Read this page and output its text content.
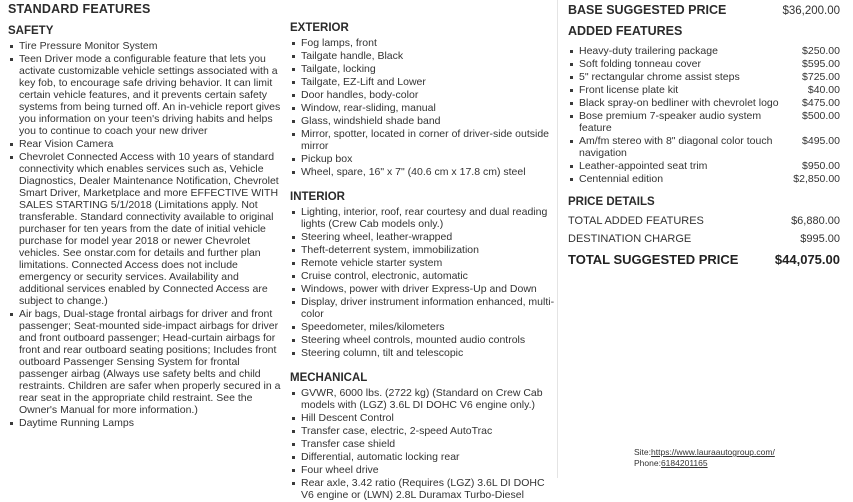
STANDARD FEATURES
SAFETY
Tire Pressure Monitor System
Teen Driver mode a configurable feature that lets you activate customizable vehicle settings associated with a key fob, to encourage safe driving behavior. It can limit certain vehicle features, and it prevents certain safety systems from being turned off. An in-vehicle report gives you information on your teen's driving habits and helps you to continue to coach your new driver
Rear Vision Camera
Chevrolet Connected Access with 10 years of standard connectivity which enables services such as, Vehicle Diagnostics, Dealer Maintenance Notification, Chevrolet Smart Driver, Marketplace and more EFFECTIVE WITH SALES STARTING 5/1/2018 (Limitations apply. Not transferable. Standard connectivity available to original purchaser for ten years from the date of initial vehicle purchase for model year 2018 or newer Chevrolet vehicles. See onstar.com for details and further plan limitations. Connected Access does not include emergency or security services. Availability and additional services enabled by Connected Access are subject to change.)
Air bags, Dual-stage frontal airbags for driver and front passenger; Seat-mounted side-impact airbags for driver and front outboard passenger; Head-curtain airbags for front and rear outboard seating positions; Includes front outboard Passenger Sensing System for frontal passenger airbag (Always use safety belts and child restraints. Children are safer when properly secured in a rear seat in the appropriate child restraint. See the Owner's Manual for more information.)
Daytime Running Lamps
EXTERIOR
Fog lamps, front
Tailgate handle, Black
Tailgate, locking
Tailgate, EZ-Lift and Lower
Door handles, body-color
Window, rear-sliding, manual
Glass, windshield shade band
Mirror, spotter, located in corner of driver-side outside mirror
Pickup box
Wheel, spare, 16" x 7" (40.6 cm x 17.8 cm) steel
INTERIOR
Lighting, interior, roof, rear courtesy and dual reading lights (Crew Cab models only.)
Steering wheel, leather-wrapped
Theft-deterrent system, immobilization
Remote vehicle starter system
Cruise control, electronic, automatic
Windows, power with driver Express-Up and Down
Display, driver instrument information enhanced, multi-color
Speedometer, miles/kilometers
Steering wheel controls, mounted audio controls
Steering column, tilt and telescopic
MECHANICAL
GVWR, 6000 lbs. (2722 kg) (Standard on Crew Cab models with (LGZ) 3.6L DI DOHC V6 engine only.)
Hill Descent Control
Transfer case, electric, 2-speed AutoTrac
Transfer case shield
Differential, automatic locking rear
Four wheel drive
Rear axle, 3.42 ratio (Requires (LGZ) 3.6L DI DOHC V6 engine or (LWN) 2.8L Duramax Turbo-Diesel
BASE SUGGESTED PRICE	$36,200.00
ADDED FEATURES
Heavy-duty trailering package	$250.00
Soft folding tonneau cover	$595.00
5" rectangular chrome assist steps	$725.00
Front license plate kit	$40.00
Black spray-on bedliner with chevrolet logo $475.00
Bose premium 7-speaker audio system feature
$500.00
Am/fm stereo with 8" diagonal color touch navigation
$495.00
Leather-appointed seat trim	$950.00
Centennial edition	$2,850.00
PRICE DETAILS
TOTAL ADDED FEATURES	$6,880.00
DESTINATION CHARGE	$995.00
TOTAL SUGGESTED PRICE	$44,075.00
Site:https://www.lauraautogroup.com/
Phone:6184201165
